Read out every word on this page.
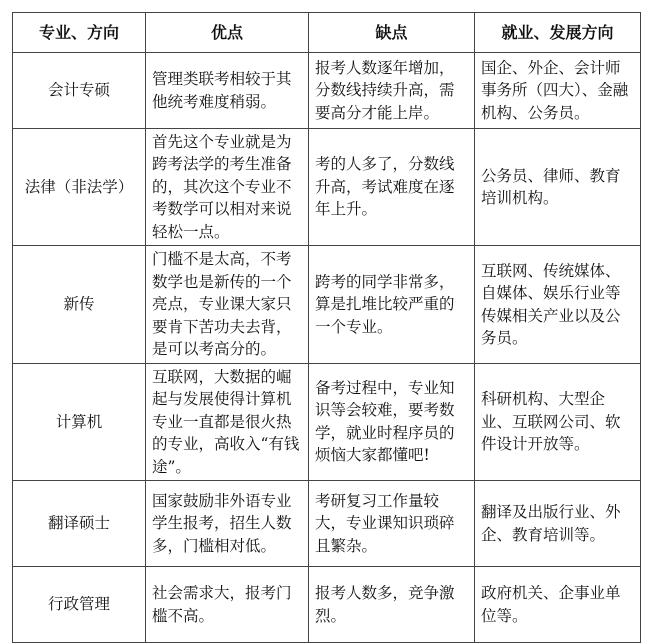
专业、方向	优点	缺点	就业、发展方向
会计专硕	管理类联考相较于其他统考难度稍弱。	报考人数逐年增加，分数线持续升高，需要高分才能上岸。	国企、外企、会计师事务所（四大）、金融机构、公务员。
法律（非法学）	首先这个专业就是为跨考法学的考生准备的，其次这个专业不考数学可以相对来说轻松一点。	考的人多了，分数线升高，考试难度在逐年上升。	公务员、律师、教育培训机构。
新传	门槛不是太高，不考数学也是新传的一个亮点，专业课大家只要肯下苦功夫去背，是可以考高分的。	跨考的同学非常多，算是扎堆比较严重的一个专业。	互联网、传统媒体、自媒体、娱乐行业等传媒相关产业以及公务员。
计算机	互联网，大数据的崛起与发展使得计算机专业一直都是很火热的专业，高收入“有钱途”。	备考过程中，专业知识等会较难，要考数学，就业时程序员的烦恼大家都懂吧!	科研机构、大型企业、互联网公司、软件设计开放等。
翻译硕士	国家鼓励非外语专业学生报考，招生人数多，门槛相对低。	考研复习工作量较大，专业课知识琐碎且繁杂。	翻译及出版行业、外企、教育培训等。
行政管理	社会需求大，报考门槛不高。	报考人数多，竞争激烈。	政府机关、企事业单位等。
